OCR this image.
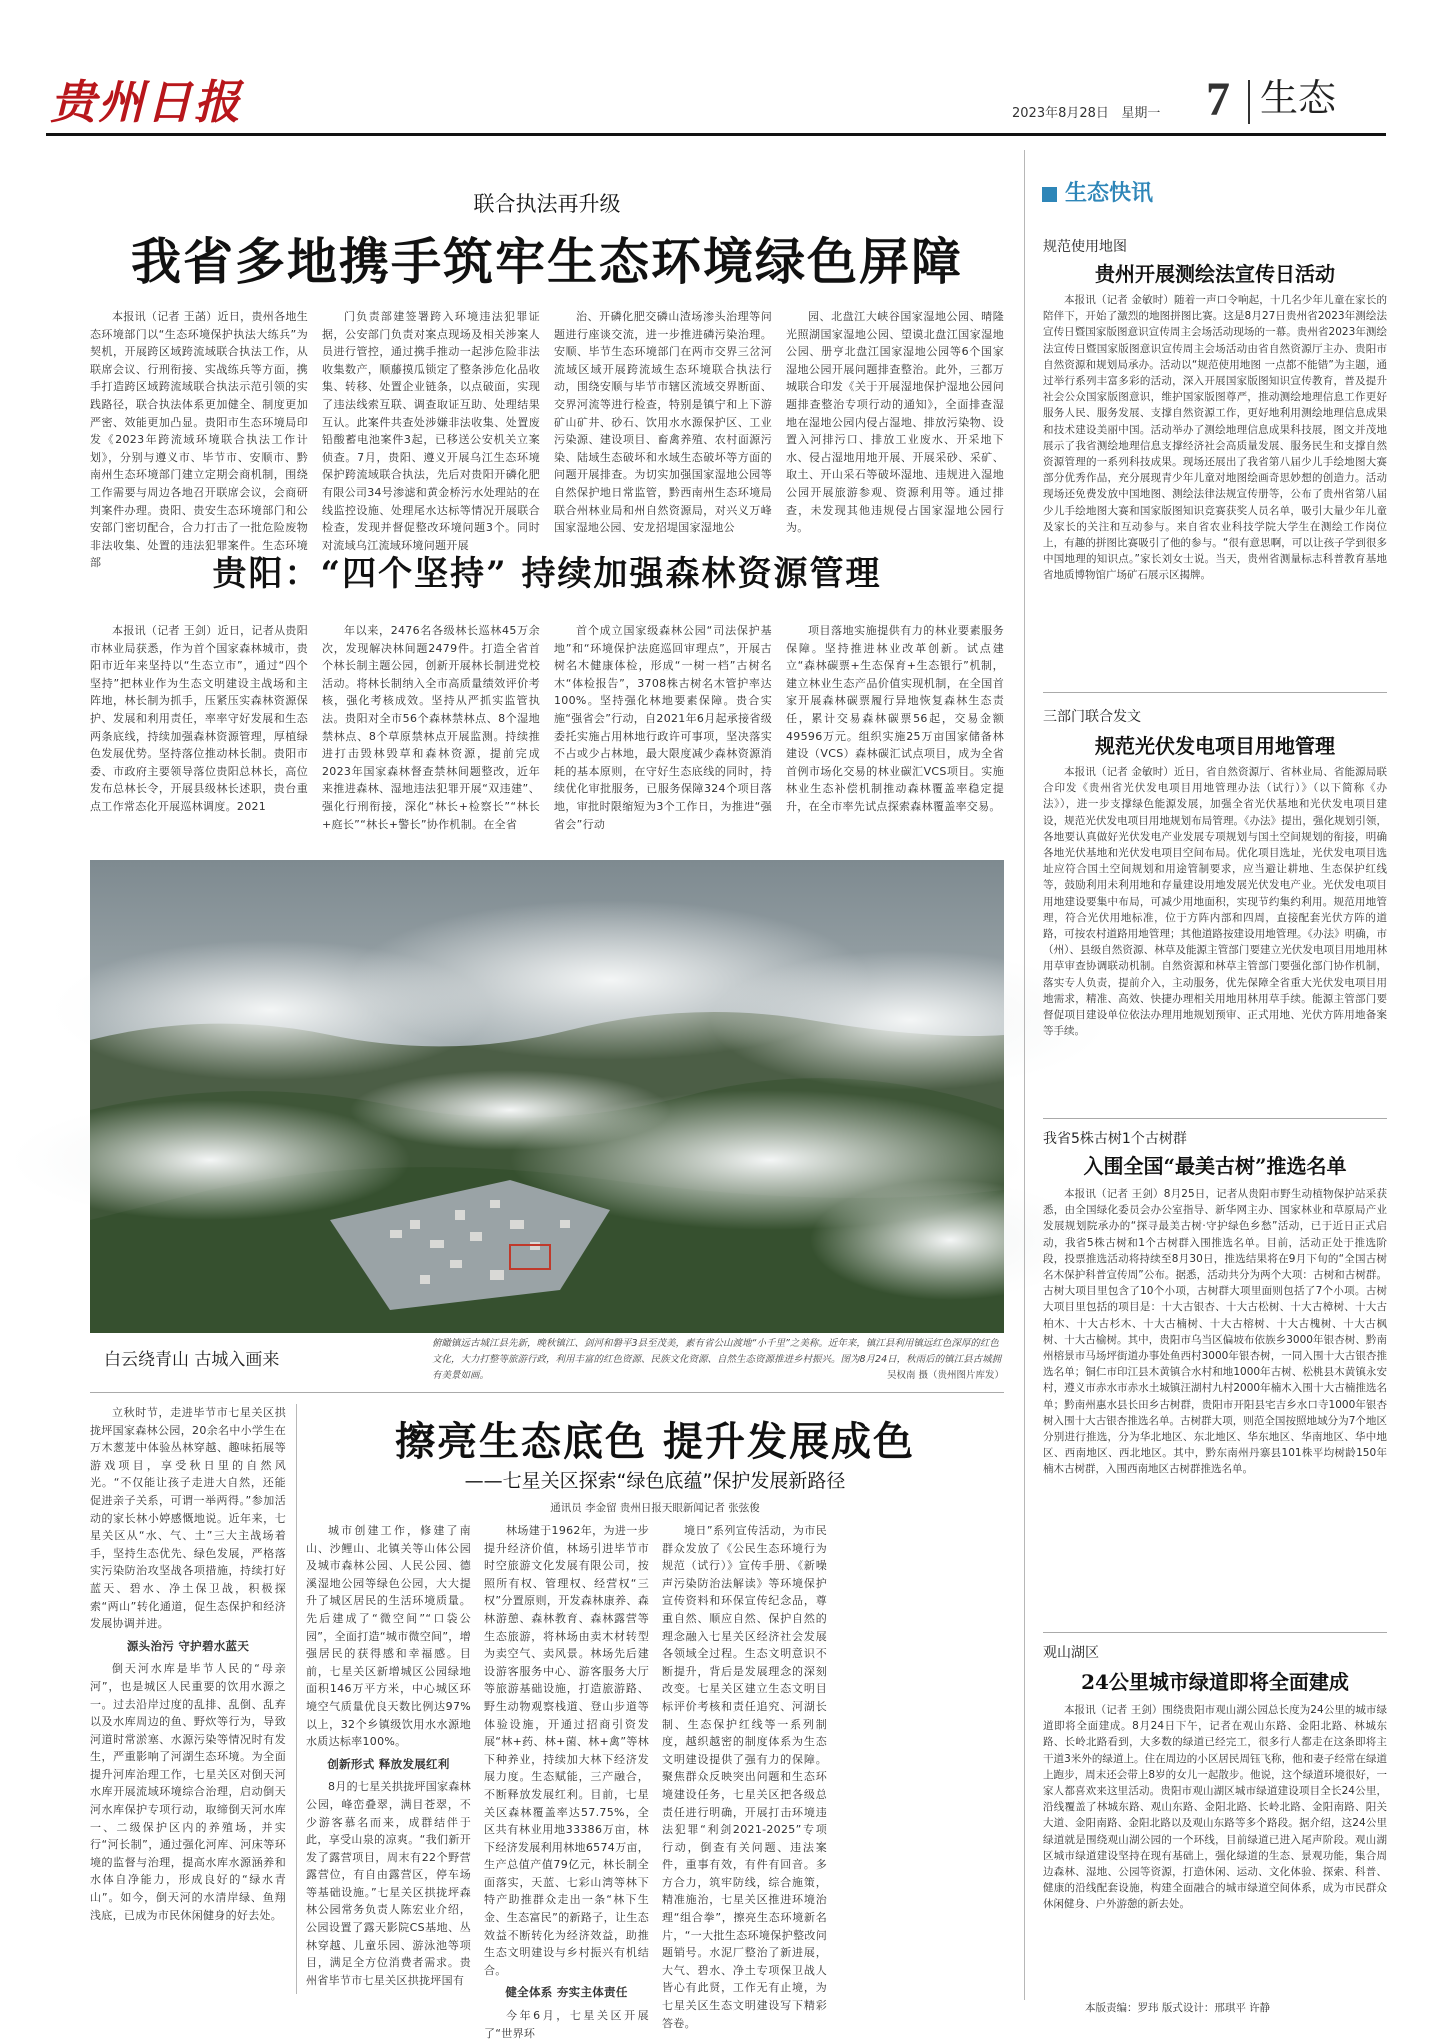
贵州日报	2023年8月28日 星期一 7 生态
联合执法再升级
我省多地携手筑牢生态环境绿色屏障

本报讯（记者 王菡）近日，贵州各地生态环境部门以“生态环境保护执法大练兵”为契机，开展跨区域跨流域联合执法工作，从联席会议、行刑衔接、实战练兵等方面，携手打造跨区域跨流域联合执法示范引领的实践路径，联合执法体系更加健全、制度更加严密、效能更加凸显。贵阳市生态环境局印发《2023年跨流域环境联合执法工作计划》，分别与遵义市、毕节市、安顺市、黔南州生态环境部门建立定期会商机制，围绕工作需要与周边各地召开联席会议，会商研判案件办理。贵阳、贵安生态环境部门和公安部门密切配合，合力打击了一批危险废物非法收集、处置的违法犯罪案件。生态环境部

门负责部建签署跨入环境违法犯罪证据，公安部门负责对案点现场及相关涉案人员进行管控，通过携手推动一起涉危险非法收集数产，顺藤摸瓜锁定了整条涉危化品收集、转移、处置企业链条，以点破面，实现了违法线索互联、调查取证互助、处理结果互认。此案件共查处涉嫌非法收集、处置废铅酸蓄电池案件3起，已移送公安机关立案侦查。7月，贵阳、遵义开展乌江生态环境保护跨流域联合执法，先后对贵阳开磷化肥有限公司34号渗滤和黄金桥污水处理站的在线监控设施、处理尾水达标等情况开展联合检查，发现并督促整改环境问题3个。同时对流域乌江流域环境问题开展

治、开磷化肥交磷山渣场渗头治理等问题进行座谈交流，进一步推进磷污染治理。安顺、毕节生态环境部门在两市交界三岔河流域区域开展跨流域生态环境联合执法行动，围绕安顺与毕节市辖区流域交界断面、交界河流等进行检查，特别是镇宁和上下游矿山矿井、砂石、饮用水水源保护区、工业污染源、建设项目、畜禽养殖、农村面源污染、陆域生态破坏和水域生态破坏等方面的问题开展排查。为切实加强国家湿地公园等自然保护地日常监管，黔西南州生态环境局联合州林业局和州自然资源局，对兴义万峰国家湿地公园、安龙招堤国家湿地公

园、北盘江大峡谷国家湿地公园、晴隆光照湖国家湿地公园、望谟北盘江国家湿地公园、册亨北盘江国家湿地公园等6个国家湿地公园开展问题排查整治。此外，三都万城联合印发《关于开展湿地保护湿地公园问题排查整治专项行动的通知》，全面排查湿地在湿地公园内侵占湿地、排放污染物、设置入河排污口、排放工业废水、开采地下水、侵占湿地用地开展、开展采砂、采矿、取土、开山采石等破坏湿地、违规进入湿地公园开展旅游参观、资源利用等。通过排查，未发现其他违规侵占国家湿地公园行为。

贵阳：“四个坚持” 持续加强森林资源管理

本报讯（记者 王剑）近日，记者从贵阳市林业局获悉，作为首个国家森林城市，贵阳市近年来坚持以“生态立市”，通过“四个坚持”把林业作为生态文明建设主战场和主阵地，林长制为抓手，压紧压实森林资源保护、发展和利用责任，率率守好发展和生态两条底线，持续加强森林资源管理，厚植绿色发展优势。坚持落位推动林长制。贵阳市委、市政府主要领导落位贵阳总林长，高位发布总林长令，开展县级林长述职，贵台重点工作常态化开展巡林调度。2021

年以来，2476名各级林长巡林45万余次，发现解决林间题2479件。打造全省首个林长制主题公园，创新开展林长制进党校活动。将林长制纳入全市高质量绩效评价考核，强化考核成效。坚持从严抓实监管执法。贵阳对全市56个森林禁林点、8个湿地禁林点、8个草原禁林点开展监测。持续推进打击毁林毁草和森林资源，提前完成2023年国家森林督查禁林间题整改，近年来推进森林、湿地违法犯罪开展“双违建”、强化行刑衔接，深化“林长+检察长”“林长+庭长”“林长+警长”协作机制。在全省

首个成立国家级森林公园“司法保护基地”和“环境保护法庭巡回审理点”，开展古树名木健康体检，形成“一树一档”古树名木“体检报告”，3708株古树名木管护率达100%。坚持强化林地要素保障。贵合实施“强省会”行动，自2021年6月起承接省级委托实施占用林地行政许可事项，坚决落实不占或少占林地，最大限度减少森林资源消耗的基本原则，在守好生态底线的同时，持续优化审批服务，已服务保障324个项目落地，审批时限缩短为3个工作日，为推进“强省会”行动

项目落地实施提供有力的林业要素服务保障。坚持推进林业改革创新。试点建立“森林碳票+生态保育+生态银行”机制，建立林业生态产品价值实现机制，在全国首家开展森林碳票履行异地恢复森林生态责任，累计交易森林碳票56起，交易金额49596万元。组织实施25万亩国家储备林建设（VCS）森林碳汇试点项目，成为全省首例市场化交易的林业碳汇VCS项目。实施林业生态补偿机制推动森林覆盖率稳定提升，在全市率先试点探索森林覆盖率交易。

白云绕青山 古城入画来
俯瞰镇远古城江县先新，晚秋镇江、剑河和磐平3县至茂美，素有省公山渡地“小千里”之美称。近年来，镇江县利用镇远红色深厚的红色文化，大力打整等旅游行政，利用丰富的红色资源、民族文化资源、自然生态资源推进乡村振兴。图为8月24日，秋雨后的镇江县古城拥有美景如画。	吴权南 摄（贵州图片库发）

立秋时节，走进毕节市七星关区拱拢坪国家森林公园，20余名中小学生在万木葱茏中体验丛林穿越、趣味拓展等游戏项目，享受秋日里的自然风光。“不仅能让孩子走进大自然，还能促进亲子关系，可谓一举两得。”参加活动的家长林小婷感慨地说。近年来，七星关区从“水、气、土”三大主战场着手，坚持生态优先、绿色发展，严格落实污染防治攻坚战各项措施，持续打好蓝天、碧水、净土保卫战，积极探索“两山”转化通道，促生态保护和经济发展协调并进。

源头治污 守护碧水蓝天

倒天河水库是毕节人民的“母亲河”，也是城区人民重要的饮用水源之一。过去沿岸过度的乱排、乱倒、乱弃以及水库周边的鱼、野炊等行为，导致河道时常淤塞、水源污染等情况时有发生，严重影响了河湖生态环境。为全面提升河库治理工作，七星关区对倒天河水库开展流域环境综合治理，启动倒天河水库保护专项行动，取缔倒天河水库一、二级保护区内的养殖场，并实行“河长制”，通过强化河库、河床等环境的监督与治理，提高水库水源涵养和水体自净能力，形成良好的“绿水青山”。如今，倒天河的水清岸绿、鱼翔浅底，已成为市民休闲健身的好去处。

擦亮生态底色 提升发展成色
——七星关区探索“绿色底蕴”保护发展新路径
通讯员 李金留 贵州日报天眼新闻记者 张弦俊

城市创建工作，修建了南山、沙鲤山、北镇关等山体公园及城市森林公园、人民公园、德溪湿地公园等绿色公园，大大提升了城区居民的生活环境质量。先后建成了“微空间”“口袋公园”，全面打造“城市微空间”，增强居民的获得感和幸福感。目前，七星关区新增城区公园绿地面积146万平方米，中心城区环境空气质量优良天数比例达97%以上，32个乡镇级饮用水水源地水质达标率100%。

创新形式 释放发展红利

8月的七星关拱拢坪国家森林公园，峰峦叠翠，满目苍翠，不少游客慕名而来，成群结伴于此，享受山泉的凉爽。“我们新开发了露营项目，周末有22个野营露营位，有自由露营区，停车场等基础设施。”七星关区拱拢坪森林公园常务负责人陈宏业介绍，公园设置了露天影院CS基地、丛林穿越、儿童乐园、游泳池等项目，满足全方位消费者需求。贵州省毕节市七星关区拱拢坪国有

林场建于1962年，为进一步提升经济价值，林场引进毕节市时空旅游文化发展有限公司，按照所有权、管理权、经营权“三权”分置原则，开发森林康养、森林游憩、森林教育、森林露营等生态旅游，将林场由卖木材转型为卖空气、卖风景。林场先后建设游客服务中心、游客服务大厅等旅游基础设施，打造旅游路、野生动物观察栈道、登山步道等体验设施，开通过招商引资发展“林+药、林+菌、林+禽”等林下种养业，持续加大林下经济发展力度。生态赋能，三产融合，不断释放发展红利。目前，七星关区森林覆盖率达57.75%，全区共有林业用地33386万亩，林下经济发展利用林地6574万亩，生产总值产值79亿元，林长制全面落实，天蓝、七彩山湾等林下特产助推群众走出一条“林下生金、生态富民”的新路子，让生态效益不断转化为经济效益，助推生态文明建设与乡村振兴有机结合。

健全体系 夯实主体责任

今年6月，七星关区开展了“世界环

境日”系列宣传活动，为市民群众发放了《公民生态环境行为规范（试行）》宣传手册、《新噪声污染防治法解读》等环境保护宣传资料和环保宣传纪念品，尊重自然、顺应自然、保护自然的理念融入七星关区经济社会发展各领域全过程。生态文明意识不断提升，背后是发展理念的深刻改变。七星关区建立生态文明目标评价考核和责任追究、河湖长制、生态保护红线等一系列制度，越织越密的制度体系为生态文明建设提供了强有力的保障。聚焦群众反映突出问题和生态环境建设任务，七星关区把各级总责任进行明确，开展打击环境违法犯罪“利剑2021-2025”专项行动，倒查有关问题、违法案件，重事有效，有件有回音。多方合力，筑牢防线，综合施策，精准施治，七星关区推进环境治理“组合拳”，擦亮生态环境新名片，“一大批生态环境保护整改问题销号。水泥厂整治了新进展，大气、碧水、净土专项保卫战人皆心有此贤，工作无有止境，为七星关区生态文明建设写下精彩答卷。

生态快讯
规范使用地图
贵州开展测绘法宣传日活动

本报讯（记者 金敏时）随着一声口令响起，十几名少年儿童在家长的陪伴下，开始了激烈的地图拼图比赛。这是8月27日贵州省2023年测绘法宣传日暨国家版图意识宣传周主会场活动现场的一幕。贵州省2023年测绘法宣传日暨国家版图意识宣传周主会场活动由省自然资源厅主办、贵阳市自然资源和规划局承办。活动以“规范使用地图 一点都不能错”为主题，通过举行系列丰富多彩的活动，深入开展国家版图知识宣传教育，普及提升社会公众国家版图意识，维护国家版图尊严，推动测绘地理信息工作更好服务人民、服务发展、支撑自然资源工作，更好地利用测绘地理信息成果和技术建设美丽中国。活动举办了测绘地理信息成果科技展，图文并茂地展示了我省测绘地理信息支撑经济社会高质量发展、服务民生和支撑自然资源管理的一系列科技成果。现场还展出了我省第八届少儿手绘地图大赛部分优秀作品，充分展现青少年儿童对地图绘画奇思妙想的创造力。活动现场还免费发放中国地图、测绘法律法规宣传册等，公布了贵州省第八届少儿手绘地图大赛和国家版图知识竞赛获奖人员名单，吸引大量少年儿童及家长的关注和互动参与。来自省农业科技学院大学生在测绘工作岗位上，有趣的拼图比赛吸引了他的参与。“很有意思啊，可以让孩子学到很多中国地理的知识点。”家长刘女士说。当天，贵州省测量标志科普教育基地省地质博物馆广场矿石展示区揭牌。

三部门联合发文
规范光伏发电项目用地管理

本报讯（记者 金敏时）近日，省自然资源厅、省林业局、省能源局联合印发《贵州省光伏发电项目用地管理办法（试行）》（以下简称《办法》），进一步支撑绿色能源发展，加强全省光伏基地和光伏发电项目建设，规范光伏发电项目用地规划布局管理。《办法》提出，强化规划引领，各地要认真做好光伏发电产业发展专项规划与国土空间规划的衔接，明确各地光伏基地和光伏发电项目空间布局。优化项目选址，光伏发电项目选址应符合国土空间规划和用途管制要求，应当避让耕地、生态保护红线等，鼓励利用未利用地和存量建设用地发展光伏发电产业。光伏发电项目用地建设要集中布局，可减少用地面积，实现节约集约利用。规范用地管理，符合光伏用地标准，位于方阵内部和四周，直接配套光伏方阵的道路，可按农村道路用地管理；其他道路按建设用地管理。《办法》明确，市（州）、县级自然资源、林草及能源主管部门要建立光伏发电项目用地用林用草审查协调联动机制。自然资源和林草主管部门要强化部门协作机制，落实专人负责，提前介入，主动服务，优先保障全省重大光伏发电项目用地需求，精准、高效、快捷办理相关用地用林用草手续。能源主管部门要督促项目建设单位依法办理用地规划预审、正式用地、光伏方阵用地备案等手续。

我省5株古树1个古树群
入围全国“最美古树”推选名单

本报讯（记者 王剑）8月25日，记者从贵阳市野生动植物保护站采获悉，由全国绿化委员会办公室指导、新华网主办、国家林业和草原局产业发展规划院承办的“探寻最美古树·守护绿色乡愁”活动，已于近日正式启动，我省5株古树和1个古树群入围推选名单。目前，活动正处于推选阶段，投票推选活动将持续至8月30日，推选结果将在9月下旬的“全国古树名木保护科普宣传周”公布。据悉，活动共分为两个大项：古树和古树群。古树大项目里包含了10个小项，古树群大项里面则包括了7个小项。古树大项目里包括的项目是：十大古银杏、十大古松树、十大古樟树、十大古柏木、十大古杉木、十大古楠树、十大古榕树、十大古槐树、十大古枫树、十大古榆树。其中，贵阳市乌当区偏坡布依族乡3000年银杏树、黔南州榕景市马场坪街道办事处鱼西村3000年银杏树，一同入围十大古银杏推选名单；铜仁市印江县木黄镇合水村和地1000年古树、松桃县木黄镇永安村，遵义市赤水市赤水土城镇汪湖村九村2000年楠木入围十大古楠推选名单；黔南州惠水县长田乡古树群，贵阳市开阳县宅吉乡水口寺1000年银杏树入围十大古银杏推选名单。古树群大项，则范全国按照地域分为7个地区分别进行推选，分为华北地区、东北地区、华东地区、华南地区、华中地区、西南地区、西北地区。其中，黔东南州丹寨县101株平均树龄150年楠木古树群，入围西南地区古树群推选名单。

观山湖区
24公里城市绿道即将全面建成

本报讯（记者 王剑）围绕贵阳市观山湖公园总长度为24公里的城市绿道即将全面建成。8月24日下午，记者在观山东路、金阳北路、林城东路、长岭北路看到，大多数的绿道已经完工，很多行人都走在这条即将主干道3米外的绿道上。住在周边的小区居民周钰飞称，他和妻子经常在绿道上跑步，周末还会带上8岁的女儿一起散步。他说，这个绿道环境很好，一家人都喜欢来这里活动。贵阳市观山湖区城市绿道建设项目全长24公里，沿线覆盖了林城东路、观山东路、金阳北路、长岭北路、金阳南路、阳关大道、金阳南路、金阳北路以及观山东路等多个路段。据介绍，这24公里绿道就是围绕观山湖公园的一个环线，目前绿道已进入尾声阶段。观山湖区城市绿道建设坚持在现有基础上，强化绿道的生态、景观功能，集合周边森林、湿地、公园等资源，打造休闲、运动、文化体验、探索、科普、健康的沿线配套设施，构建全面融合的城市绿道空间体系，成为市民群众休闲健身、户外游憩的新去处。

本版责编：罗玮 版式设计：邢琪平 许静
